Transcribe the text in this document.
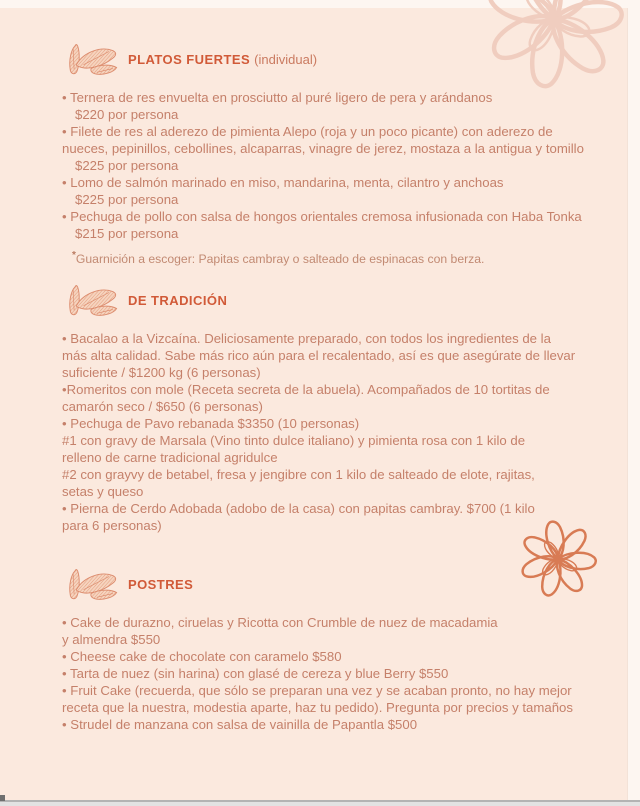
PLATOS FUERTES (individual)

• Ternera de res envuelta en prosciutto al puré ligero de pera y arándanos

$220 por persona

• Filete de res al aderezo de pimienta Alepo (roja y un poco picante) con aderezo de

nueces, pepinillos, cebollines, alcaparras, vinagre de jerez, mostaza a la antigua y tomillo

$225 por persona

• Lomo de salmón marinado en miso, mandarina, menta, cilantro y anchoas

$225 por persona

• Pechuga de pollo con salsa de hongos orientales cremosa infusionada con Haba Tonka

$215 por persona

*Guarnición a escoger: Papitas cambray o salteado de espinacas con berza.

DE TRADICIÓN

• Bacalao a la Vizcaína. Deliciosamente preparado, con todos los ingredientes de la

más alta calidad. Sabe más rico aún para el recalentado, así es que asegúrate de llevar

suficiente / $1200 kg (6 personas)

•Romeritos con mole (Receta secreta de la abuela). Acompañados de 10 tortitas de

camarón seco / $650 (6 personas)

• Pechuga de Pavo rebanada $3350 (10 personas)

#1 con gravy de Marsala (Vino tinto dulce italiano) y pimienta rosa con 1 kilo de

relleno de carne tradicional agridulce

#2 con grayvy de betabel, fresa y jengibre con 1 kilo de salteado de elote, rajitas,

setas y queso

• Pierna de Cerdo Adobada (adobo de la casa) con papitas cambray. $700 (1 kilo

para 6 personas)

POSTRES

• Cake de durazno, ciruelas y Ricotta con Crumble de nuez de macadamia

y almendra $550

• Cheese cake de chocolate con caramelo $580

• Tarta de nuez (sin harina) con glasé de cereza y blue Berry $550

• Fruit Cake (recuerda, que sólo se preparan una vez y se acaban pronto, no hay mejor

receta que la nuestra, modestia aparte, haz tu pedido). Pregunta por precios y tamaños

• Strudel de manzana con salsa de vainilla de Papantla $500
